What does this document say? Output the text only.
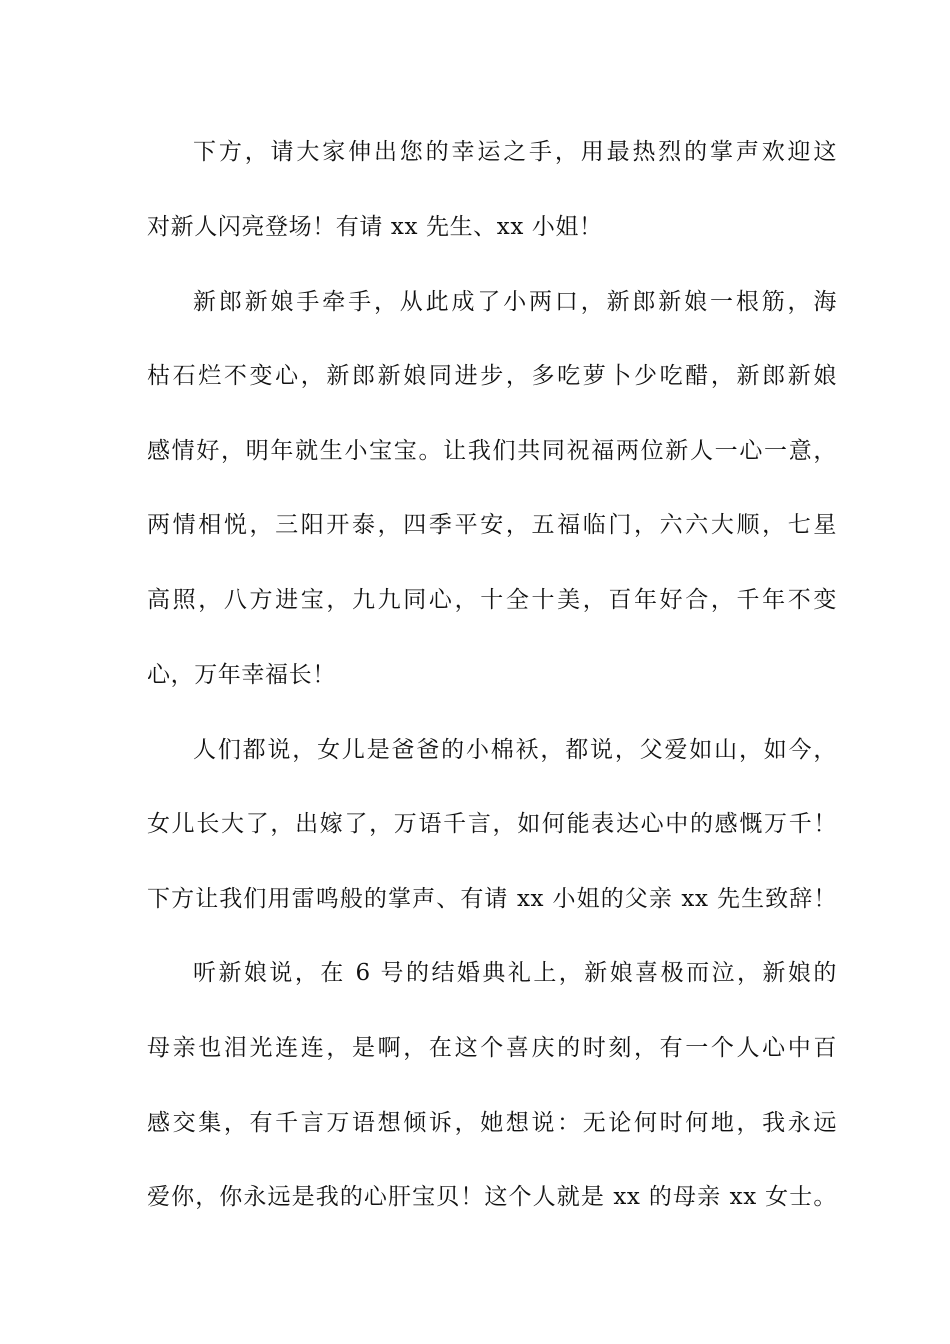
下方，请大家伸出您的幸运之手，用最热烈的掌声欢迎这
对新人闪亮登场！有请 xx 先生、xx 小姐！
新郎新娘手牵手，从此成了小两口，新郎新娘一根筋，海
枯石烂不变心，新郎新娘同进步，多吃萝卜少吃醋，新郎新娘
感情好，明年就生小宝宝。让我们共同祝福两位新人一心一意，
两情相悦，三阳开泰，四季平安，五福临门，六六大顺，七星
高照，八方进宝，九九同心，十全十美，百年好合，千年不变
心，万年幸福长！
人们都说，女儿是爸爸的小棉袄，都说，父爱如山，如今，
女儿长大了，出嫁了，万语千言，如何能表达心中的感慨万千！
下方让我们用雷鸣般的掌声、有请 xx 小姐的父亲 xx 先生致辞！
听新娘说，在 6 号的结婚典礼上，新娘喜极而泣，新娘的
母亲也泪光连连，是啊，在这个喜庆的时刻，有一个人心中百
感交集，有千言万语想倾诉，她想说：无论何时何地，我永远
爱你，你永远是我的心肝宝贝！这个人就是 xx 的母亲 xx 女士。
